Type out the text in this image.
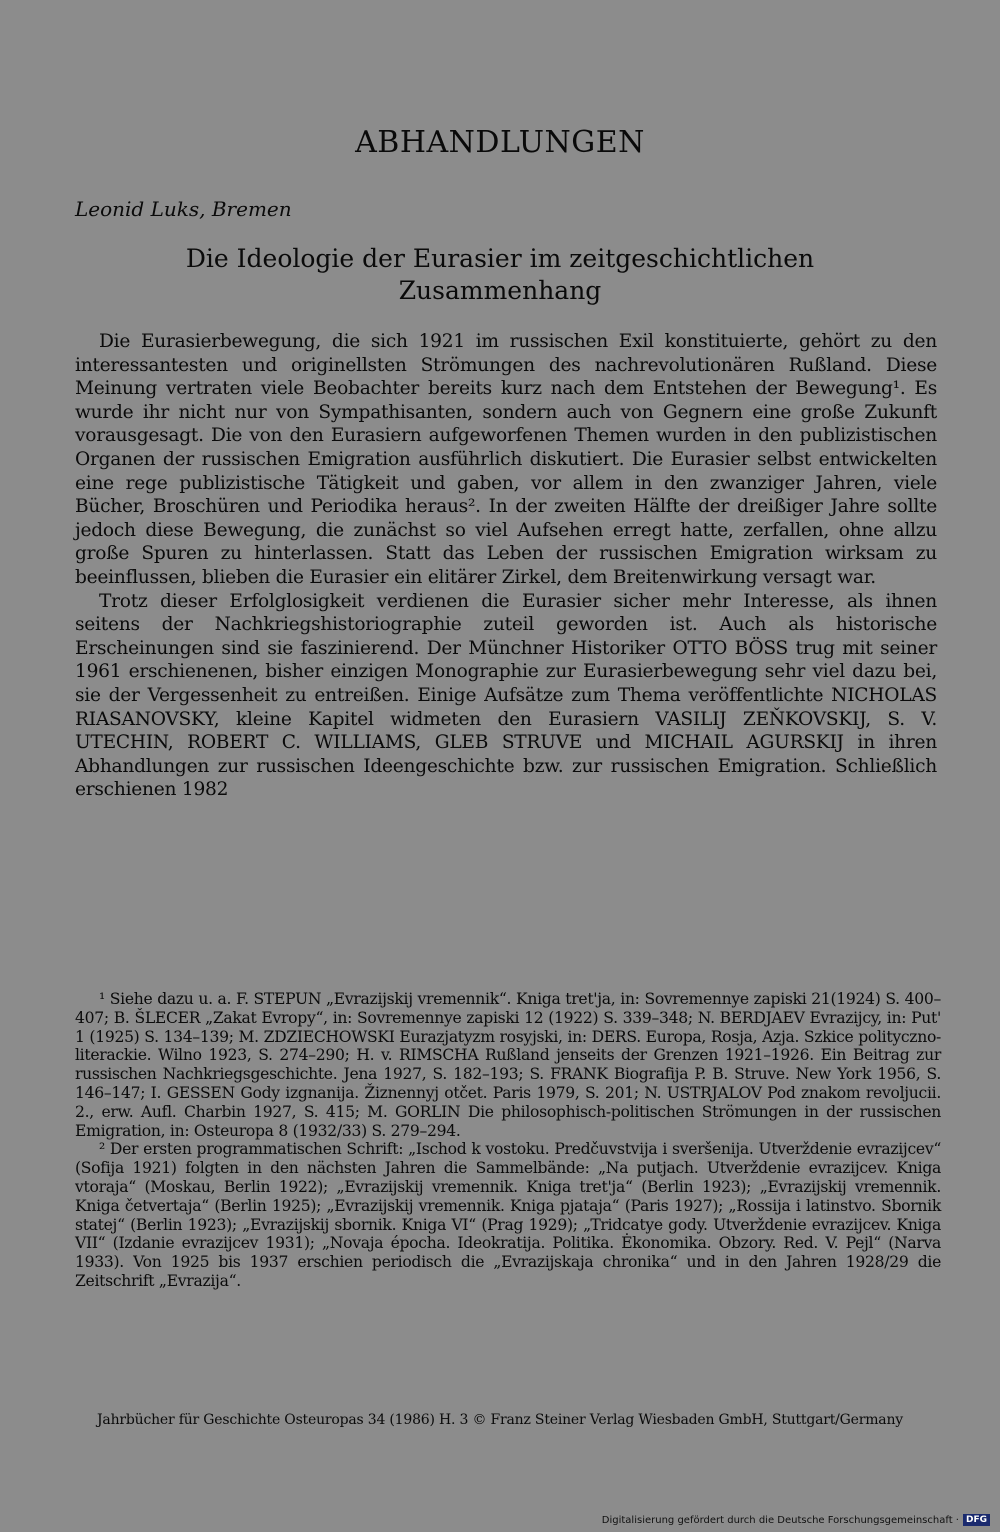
ABHANDLUNGEN

Leonid Luks, Bremen

Die Ideologie der Eurasier im zeitgeschichtlichen
Zusammenhang

Die Eurasierbewegung, die sich 1921 im russischen Exil konstituierte, gehört zu den interessantesten und originellsten Strömungen des nachrevolutionären Rußland. Diese Meinung vertraten viele Beobachter bereits kurz nach dem Entstehen der Bewegung¹. Es wurde ihr nicht nur von Sympathisanten, sondern auch von Gegnern eine große Zukunft vorausgesagt. Die von den Eurasiern aufgeworfenen Themen wurden in den publizistischen Organen der russischen Emigration ausführlich diskutiert. Die Eurasier selbst entwickelten eine rege publizistische Tätigkeit und gaben, vor allem in den zwanziger Jahren, viele Bücher, Broschüren und Periodika heraus². In der zweiten Hälfte der dreißiger Jahre sollte jedoch diese Bewegung, die zunächst so viel Aufsehen erregt hatte, zerfallen, ohne allzu große Spuren zu hinterlassen. Statt das Leben der russischen Emigration wirksam zu beeinflussen, blieben die Eurasier ein elitärer Zirkel, dem Breitenwirkung versagt war.

Trotz dieser Erfolglosigkeit verdienen die Eurasier sicher mehr Interesse, als ihnen seitens der Nachkriegshistoriographie zuteil geworden ist. Auch als historische Erscheinungen sind sie faszinierend. Der Münchner Historiker OTTO BÖSS trug mit seiner 1961 erschienenen, bisher einzigen Monographie zur Eurasierbewegung sehr viel dazu bei, sie der Vergessenheit zu entreißen. Einige Aufsätze zum Thema veröffentlichte NICHOLAS RIASANOVSKY, kleine Kapitel widmeten den Eurasiern VASILIJ ZEŇKOVSKIJ, S. V. UTECHIN, ROBERT C. WILLIAMS, GLEB STRUVE und MICHAIL AGURSKIJ in ihren Abhandlungen zur russischen Ideengeschichte bzw. zur russischen Emigration. Schließlich erschienen 1982

¹ Siehe dazu u. a. F. STEPUN „Evrazijskij vremennik“. Kniga tret'ja, in: Sovremennye zapiski 21(1924) S. 400–407; B. ŠLECER „Zakat Evropy“, in: Sovremennye zapiski 12 (1922) S. 339–348; N. BERDJAEV Evrazijcy, in: Put' 1 (1925) S. 134–139; M. ZDZIECHOWSKI Eurazjatyzm rosyjski, in: DERS. Europa, Rosja, Azja. Szkice polityczno-literackie. Wilno 1923, S. 274–290; H. v. RIMSCHA Rußland jenseits der Grenzen 1921–1926. Ein Beitrag zur russischen Nachkriegsgeschichte. Jena 1927, S. 182–193; S. FRANK Biografija P. B. Struve. New York 1956, S. 146–147; I. GESSEN Gody izgnanija. Žiznennyj otčet. Paris 1979, S. 201; N. USTRJALOV Pod znakom revoljucii. 2., erw. Aufl. Charbin 1927, S. 415; M. GORLIN Die philosophisch-politischen Strömungen in der russischen Emigration, in: Osteuropa 8 (1932/33) S. 279–294.

² Der ersten programmatischen Schrift: „Ischod k vostoku. Predčuvstvija i sveršenija. Utverždenie evrazijcev“ (Sofija 1921) folgten in den nächsten Jahren die Sammelbände: „Na putjach. Utverždenie evrazijcev. Kniga vtoraja“ (Moskau, Berlin 1922); „Evrazijskij vremennik. Kniga tret'ja“ (Berlin 1923); „Evrazijskij vremennik. Kniga četvertaja“ (Berlin 1925); „Evrazijskij vremennik. Kniga pjataja“ (Paris 1927); „Rossija i latinstvo. Sbornik statej“ (Berlin 1923); „Evrazijskij sbornik. Kniga VI“ (Prag 1929); „Tridcatye gody. Utverždenie evrazijcev. Kniga VII“ (Izdanie evrazijcev 1931); „Novaja époсha. Ideokratija. Politika. Ėkonomika. Obzory. Red. V. Pejl“ (Narva 1933). Von 1925 bis 1937 erschien periodisch die „Evrazijskaja chronika“ und in den Jahren 1928/29 die Zeitschrift „Evrazija“.

Jahrbücher für Geschichte Osteuropas 34 (1986) H. 3 © Franz Steiner Verlag Wiesbaden GmbH, Stuttgart/Germany
Digitalisierung gefördert durch die Deutsche Forschungsgemeinschaft · DFG
